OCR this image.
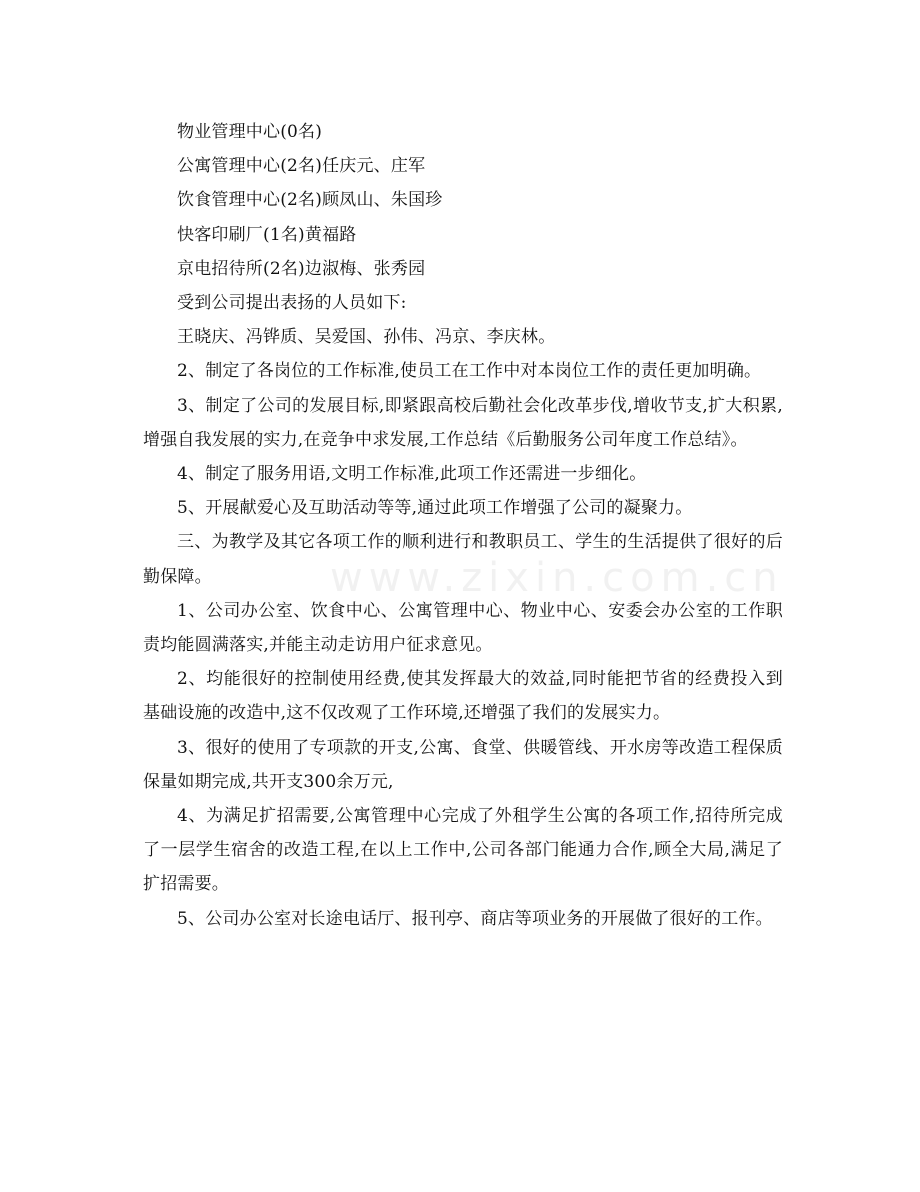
www.zixin.com.cn

物业管理中心(0名)

公寓管理中心(2名)任庆元、庄军

饮食管理中心(2名)顾凤山、朱国珍

快客印刷厂(1名)黄福路

京电招待所(2名)边淑梅、张秀园

受到公司提出表扬的人员如下:

王晓庆、冯铧质、吴爱国、孙伟、冯京、李庆林。

2、制定了各岗位的工作标准,使员工在工作中对本岗位工作的责任更加明确。

3、制定了公司的发展目标,即紧跟高校后勤社会化改革步伐,增收节支,扩大积累,增强自我发展的实力,在竞争中求发展,工作总结《后勤服务公司年度工作总结》。

4、制定了服务用语,文明工作标准,此项工作还需进一步细化。

5、开展献爱心及互助活动等等,通过此项工作增强了公司的凝聚力。

三、为教学及其它各项工作的顺利进行和教职员工、学生的生活提供了很好的后勤保障。

1、公司办公室、饮食中心、公寓管理中心、物业中心、安委会办公室的工作职责均能圆满落实,并能主动走访用户征求意见。

2、均能很好的控制使用经费,使其发挥最大的效益,同时能把节省的经费投入到基础设施的改造中,这不仅改观了工作环境,还增强了我们的发展实力。

3、很好的使用了专项款的开支,公寓、食堂、供暖管线、开水房等改造工程保质保量如期完成,共开支300余万元,

4、为满足扩招需要,公寓管理中心完成了外租学生公寓的各项工作,招待所完成了一层学生宿舍的改造工程,在以上工作中,公司各部门能通力合作,顾全大局,满足了扩招需要。

5、公司办公室对长途电话厅、报刊亭、商店等项业务的开展做了很好的工作。
